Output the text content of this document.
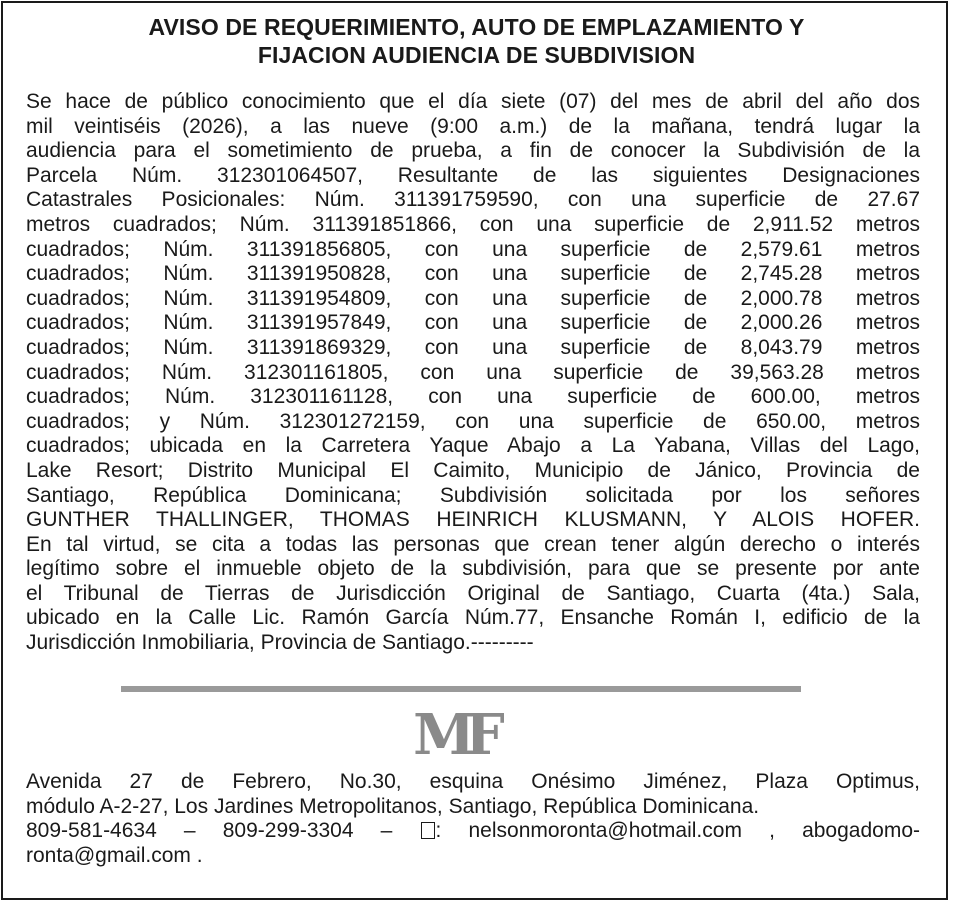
AVISO DE REQUERIMIENTO, AUTO DE EMPLAZAMIENTO Y
FIJACION AUDIENCIA DE SUBDIVISION
Se hace de público conocimiento que el día siete (07) del mes de abril del año dos
mil veintiséis (2026), a las nueve (9:00 a.m.) de la mañana, tendrá lugar la
audiencia para el sometimiento de prueba, a fin de conocer la Subdivisión de la
Parcela Núm. 312301064507, Resultante de las siguientes Designaciones
Catastrales Posicionales: Núm. 311391759590, con una superficie de 27.67
metros cuadrados; Núm. 311391851866, con una superficie de 2,911.52 metros
cuadrados; Núm. 311391856805, con una superficie de 2,579.61 metros
cuadrados; Núm. 311391950828, con una superficie de 2,745.28 metros
cuadrados; Núm. 311391954809, con una superficie de 2,000.78 metros
cuadrados; Núm. 311391957849, con una superficie de 2,000.26 metros
cuadrados; Núm. 311391869329, con una superficie de 8,043.79 metros
cuadrados; Núm. 312301161805, con una superficie de 39,563.28 metros
cuadrados; Núm. 312301161128, con una superficie de 600.00, metros
cuadrados; y Núm. 312301272159, con una superficie de 650.00, metros
cuadrados; ubicada en la Carretera Yaque Abajo a La Yabana, Villas del Lago,
Lake Resort; Distrito Municipal El Caimito, Municipio de Jánico, Provincia de
Santiago, República Dominicana; Subdivisión solicitada por los señores
GUNTHER THALLINGER, THOMAS HEINRICH KLUSMANN, Y ALOIS HOFER.
En tal virtud, se cita a todas las personas que crean tener algún derecho o interés
legítimo sobre el inmueble objeto de la subdivisión, para que se presente por ante
el Tribunal de Tierras de Jurisdicción Original de Santiago, Cuarta (4ta.) Sala,
ubicado en la Calle Lic. Ramón García Núm.77, Ensanche Román I, edificio de la
Jurisdicción Inmobiliaria, Provincia de Santiago.---------
MF
Avenida 27 de Febrero, No.30, esquina Onésimo Jiménez, Plaza Optimus,
módulo A-2-27, Los Jardines Metropolitanos, Santiago, República Dominicana.
809-581-4634 – 809-299-3304 – : nelsonmoronta@hotmail.com , abogadomo-
ronta@gmail.com .
